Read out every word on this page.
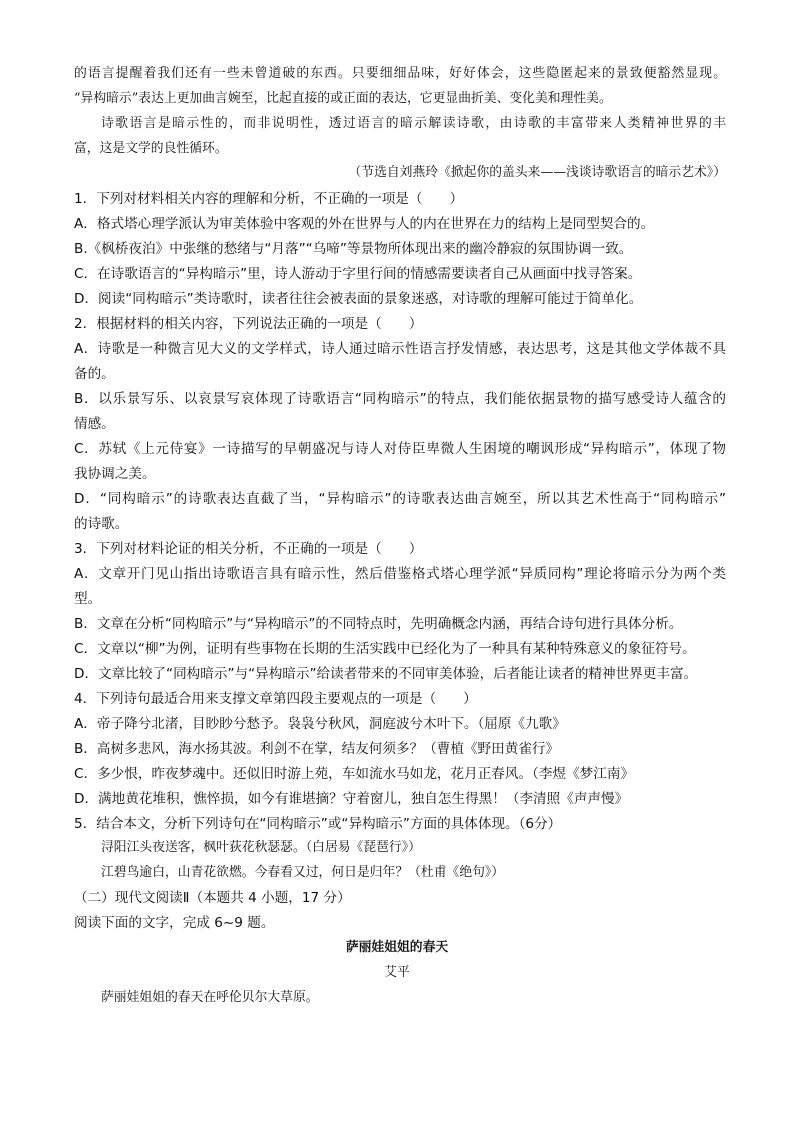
的语言提醒着我们还有一些未曾道破的东西。只要细细品味，好好体会，这些隐匿起来的景致便豁然显现。
“异构暗示”表达上更加曲言婉至，比起直接的或正面的表达，它更显曲折美、变化美和理性美。
诗歌语言是暗示性的，而非说明性，透过语言的暗示解读诗歌，由诗歌的丰富带来人类精神世界的丰
富，这是文学的良性循环。
（节选自刘燕玲《掀起你的盖头来——浅谈诗歌语言的暗示艺术》）
1．下列对材料相关内容的理解和分析，不正确的一项是（　　）
A．格式塔心理学派认为审美体验中客观的外在世界与人的内在世界在力的结构上是同型契合的。
B.《枫桥夜泊》中张继的愁绪与“月落”“乌啼”等景物所体现出来的幽冷静寂的氛围协调一致。
C．在诗歌语言的“异构暗示”里，诗人游动于字里行间的情感需要读者自己从画面中找寻答案。
D．阅读“同构暗示”类诗歌时，读者往往会被表面的景象迷惑，对诗歌的理解可能过于简单化。
2．根据材料的相关内容，下列说法正确的一项是（　　）
A．诗歌是一种微言见大义的文学样式，诗人通过暗示性语言抒发情感，表达思考，这是其他文学体裁不具
备的。
B．以乐景写乐、以哀景写哀体现了诗歌语言“同构暗示”的特点，我们能依据景物的描写感受诗人蕴含的
情感。
C．苏轼《上元侍宴》一诗描写的早朝盛况与诗人对侍臣卑微人生困境的嘲讽形成“异构暗示”，体现了物
我协调之美。
D．“同构暗示”的诗歌表达直截了当，“异构暗示”的诗歌表达曲言婉至，所以其艺术性高于“同构暗示”
的诗歌。
3．下列对材料论证的相关分析，不正确的一项是（　　）
A．文章开门见山指出诗歌语言具有暗示性，然后借鉴格式塔心理学派“异质同构”理论将暗示分为两个类
型。
B．文章在分析“同构暗示”与“异构暗示”的不同特点时，先明确概念内涵，再结合诗句进行具体分析。
C．文章以“柳”为例，证明有些事物在长期的生活实践中已经化为了一种具有某种特殊意义的象征符号。
D．文章比较了“同构暗示”与“异构暗示”给读者带来的不同审美体验，后者能让读者的精神世界更丰富。
4．下列诗句最适合用来支撑文章第四段主要观点的一项是（　　）
A．帝子降兮北渚，目眇眇兮愁予。袅袅兮秋风，洞庭波兮木叶下。（屈原《九歌》
B．高树多悲风，海水扬其波。利剑不在掌，结友何须多？（曹植《野田黄雀行》
C．多少恨，昨夜梦魂中。还似旧时游上苑，车如流水马如龙，花月正春风。（李煜《梦江南》
D．满地黄花堆积，憔悴损，如今有谁堪摘？守着窗儿，独自怎生得黑！（李清照《声声慢》
5．结合本文，分析下列诗句在“同构暗示”或“异构暗示”方面的具体体现。（6分）
浔阳江头夜送客，枫叶荻花秋瑟瑟。（白居易《琵琶行》）
江碧鸟逾白，山青花欲燃。今春看又过，何日是归年？（杜甫《绝句》）
（二）现代文阅读Ⅱ（本题共 4 小题，17 分）
阅读下面的文字，完成 6~9 题。
萨丽娃姐姐的春天
艾平
萨丽娃姐姐的春天在呼伦贝尔大草原。
